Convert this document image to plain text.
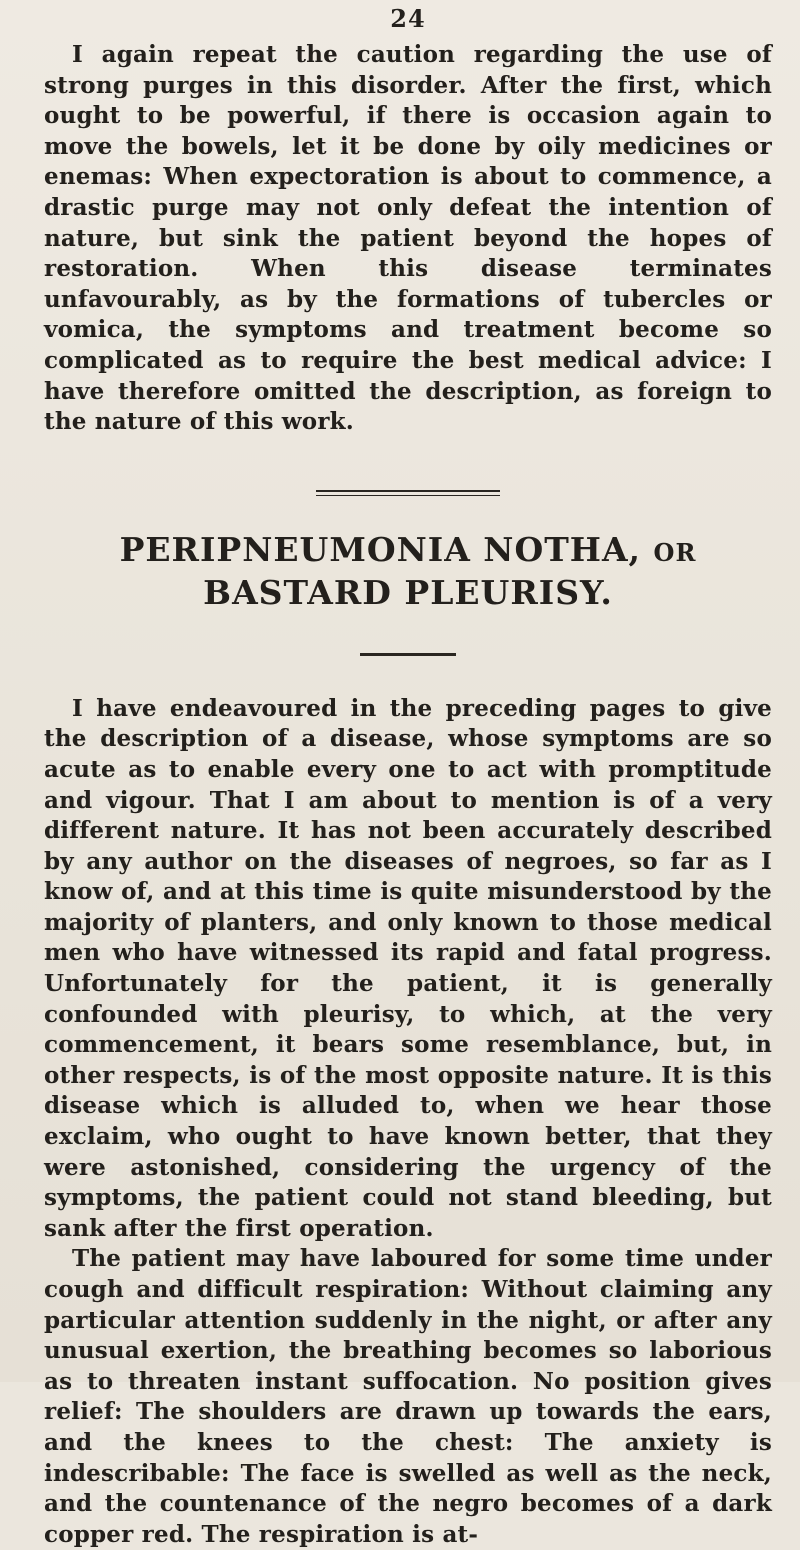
24

I again repeat the caution regarding the use of strong purges in this disorder. After the first, which ought to be powerful, if there is occasion again to move the bowels, let it be done by oily medicines or enemas: When expectoration is about to commence, a drastic purge may not only defeat the intention of nature, but sink the patient beyond the hopes of restoration. When this disease terminates unfavourably, as by the formations of tubercles or vomica, the symptoms and treatment become so complicated as to require the best medical advice: I have therefore omitted the description, as foreign to the nature of this work.

PERIPNEUMONIA NOTHA, OR BASTARD PLEURISY.

I have endeavoured in the preceding pages to give the description of a disease, whose symptoms are so acute as to enable every one to act with promptitude and vigour. That I am about to mention is of a very different nature. It has not been accurately described by any author on the diseases of negroes, so far as I know of, and at this time is quite misunderstood by the majority of planters, and only known to those medical men who have witnessed its rapid and fatal progress. Unfortunately for the patient, it is generally confounded with pleurisy, to which, at the very commencement, it bears some resemblance, but, in other respects, is of the most opposite nature. It is this disease which is alluded to, when we hear those exclaim, who ought to have known better, that they were astonished, considering the urgency of the symptoms, the patient could not stand bleeding, but sank after the first operation.

The patient may have laboured for some time under cough and difficult respiration: Without claiming any particular attention suddenly in the night, or after any unusual exertion, the breathing becomes so laborious as to threaten instant suffocation. No position gives relief: The shoulders are drawn up towards the ears, and the knees to the chest: The anxiety is indescribable: The face is swelled as well as the neck, and the countenance of the negro becomes of a dark copper red. The respiration is at-
